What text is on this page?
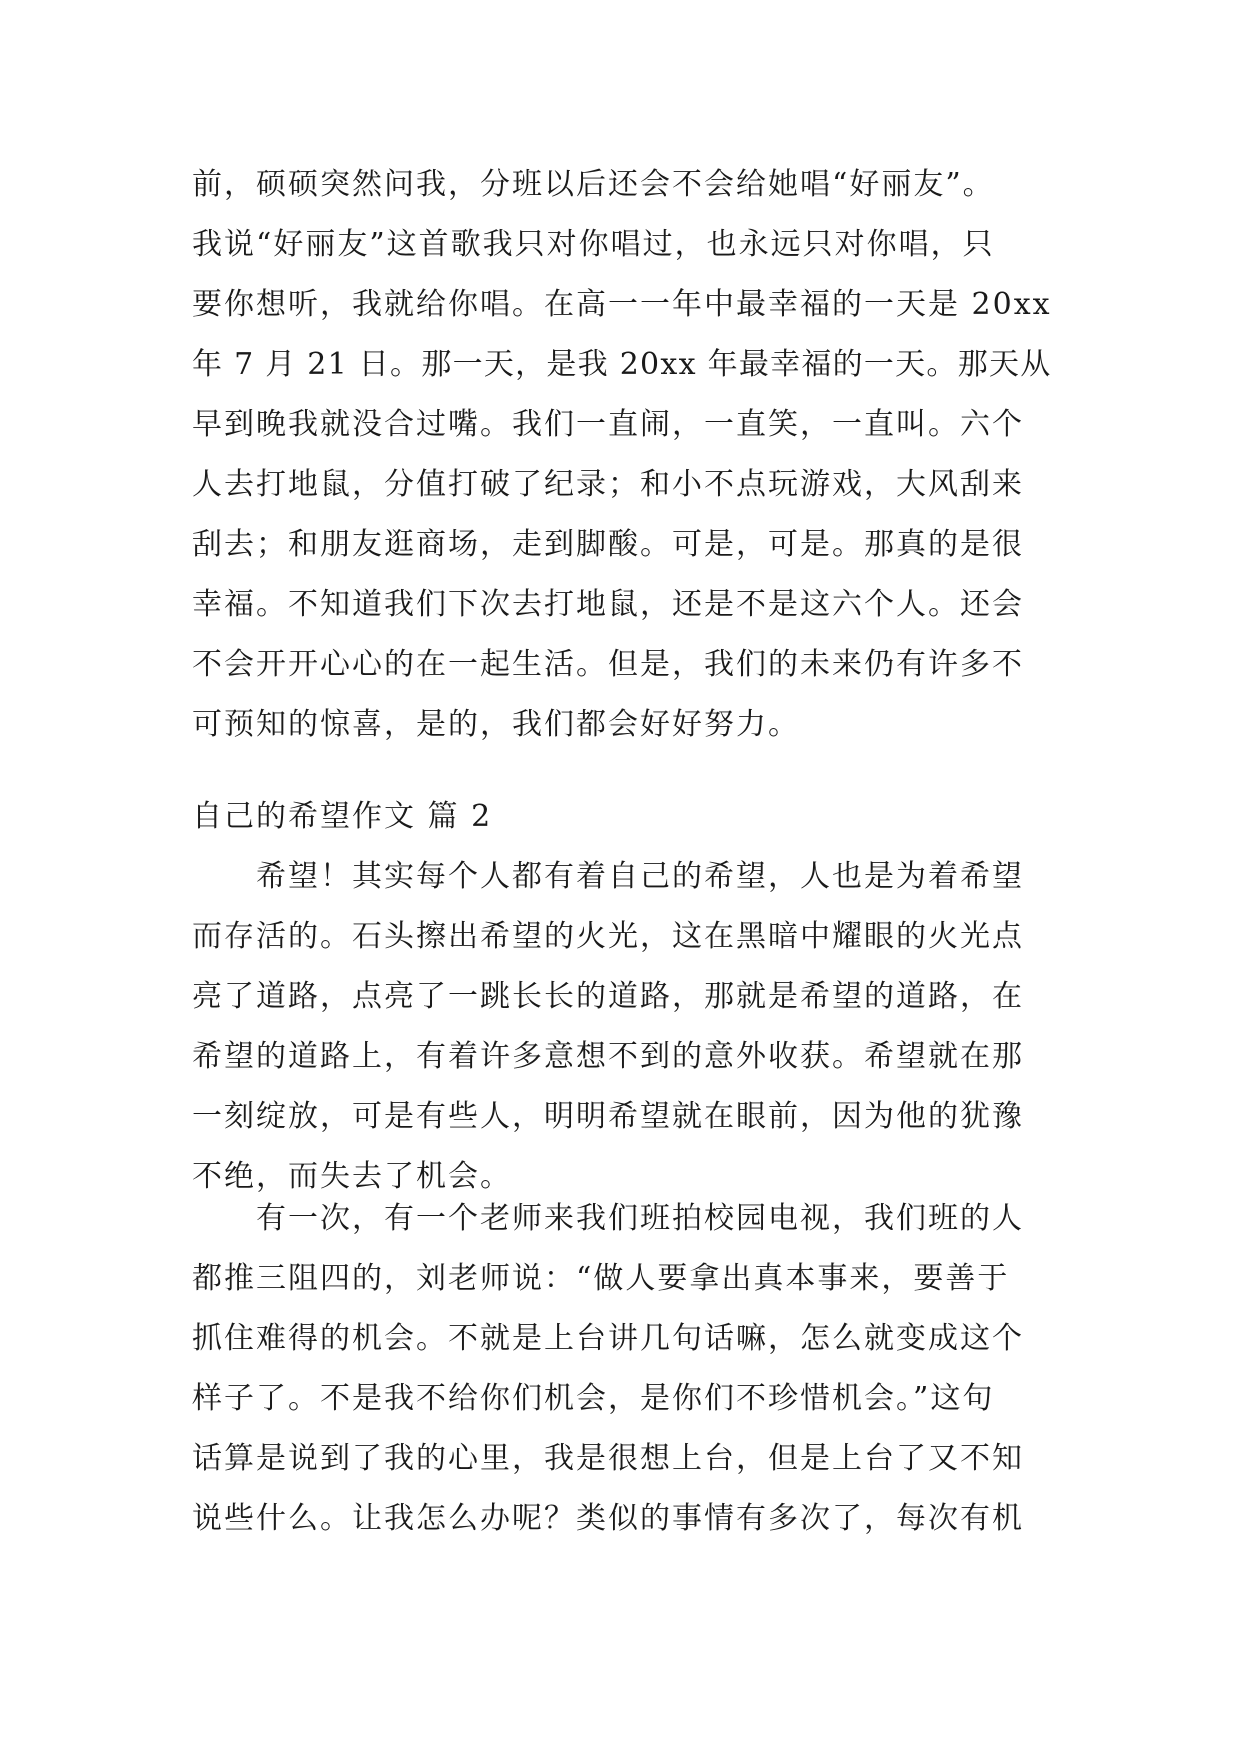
前，硕硕突然问我，分班以后还会不会给她唱“好丽友”。
我说“好丽友”这首歌我只对你唱过，也永远只对你唱，只
要你想听，我就给你唱。在高一一年中最幸福的一天是 20xx
年 7 月 21 日。那一天，是我 20xx 年最幸福的一天。那天从
早到晚我就没合过嘴。我们一直闹，一直笑，一直叫。六个
人去打地鼠，分值打破了纪录；和小不点玩游戏，大风刮来
刮去；和朋友逛商场，走到脚酸。可是，可是。那真的是很
幸福。不知道我们下次去打地鼠，还是不是这六个人。还会
不会开开心心的在一起生活。但是，我们的未来仍有许多不
可预知的惊喜，是的，我们都会好好努力。
自己的希望作文 篇 2
　　希望！其实每个人都有着自己的希望，人也是为着希望
而存活的。石头擦出希望的火光，这在黑暗中耀眼的火光点
亮了道路，点亮了一跳长长的道路，那就是希望的道路，在
希望的道路上，有着许多意想不到的意外收获。希望就在那
一刻绽放，可是有些人，明明希望就在眼前，因为他的犹豫
不绝，而失去了机会。
　　有一次，有一个老师来我们班拍校园电视，我们班的人
都推三阻四的，刘老师说：“做人要拿出真本事来，要善于
抓住难得的机会。不就是上台讲几句话嘛，怎么就变成这个
样子了。不是我不给你们机会，是你们不珍惜机会。”这句
话算是说到了我的心里，我是很想上台，但是上台了又不知
说些什么。让我怎么办呢？类似的事情有多次了，每次有机
